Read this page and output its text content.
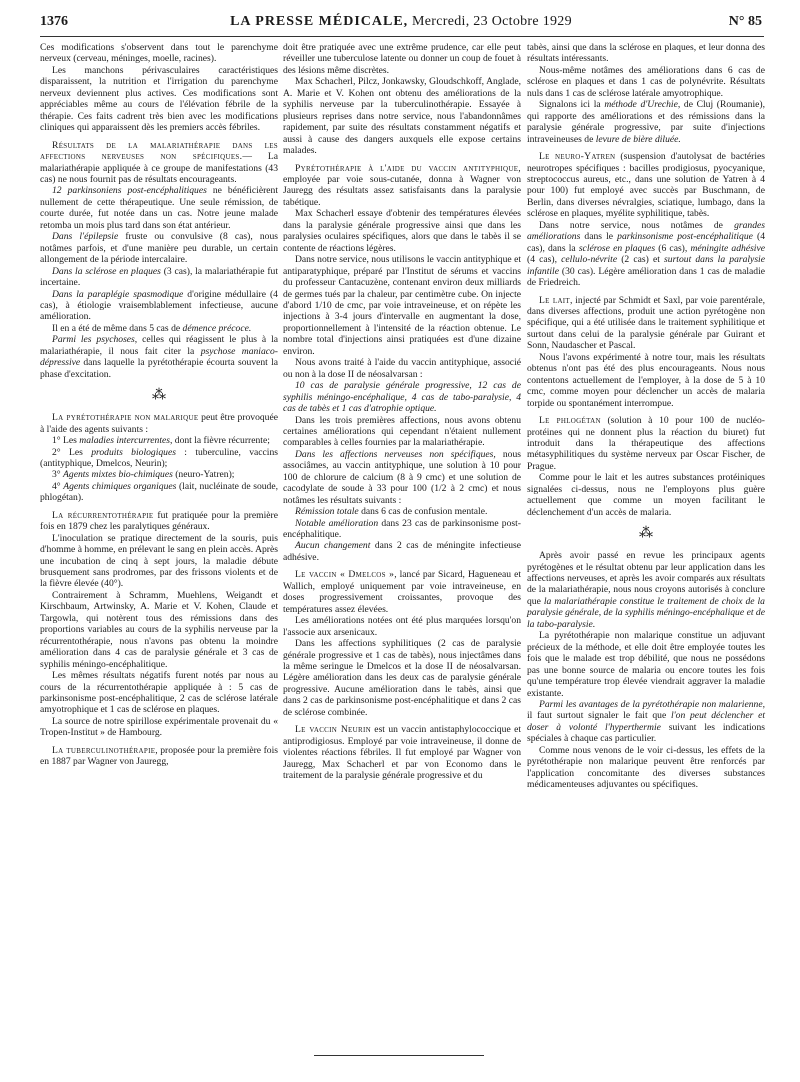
1376	LA PRESSE MÉDICALE, Mercredi, 23 Octobre 1929	N° 85

Ces modifications s'observent dans tout le parenchyme nerveux (cerveau, méninges, moelle, racines).

Les manchons périvasculaires caractéristiques disparaissent, la nutrition et l'irrigation du parenchyme nerveux deviennent plus actives. Ces modifications sont appréciables même au cours de l'élévation fébrile de la thérapie. Ces faits cadrent très bien avec les modifications cliniques qui apparaissent dès les premiers accès fébriles.

Résultats de la malariathérapie dans les affections nerveuses non spécifiques.— La malariathérapie appliquée à ce groupe de manifestations (43 cas) ne nous fournit pas de résultats encourageants.

12 parkinsoniens post-encéphalitiques ne bénéficièrent nullement de cette thérapeutique. Une seule rémission, de courte durée, fut notée dans un cas. Notre jeune malade retomba un mois plus tard dans son état antérieur.

Dans l'épilepsie fruste ou convulsive (8 cas), nous notâmes parfois, et d'une manière peu durable, un certain allongement de la période intercalaire.

Dans la sclérose en plaques (3 cas), la malariathérapie fut incertaine.

Dans la paraplégie spasmodique d'origine médullaire (4 cas), à étiologie vraisemblablement infectieuse, aucune amélioration.

Il en a été de même dans 5 cas de démence précoce.

Parmi les psychoses, celles qui réagissent le plus à la malariathérapie, il nous fait citer la psychose maniaco-dépressive dans laquelle la pyrétothérapie écourta souvent la phase d'excitation.

⁂

La pyrétothérapie non malarique peut être provoquée à l'aide des agents suivants :

1° Les maladies intercurrentes, dont la fièvre récurrente;

2° Les produits biologiques : tuberculine, vaccins (antityphique, Dmelcos, Neurin);

3° Agents mixtes bio-chimiques (neuro-Yatren);

4° Agents chimiques organiques (lait, nucléinate de soude, phlogétan).

La récurrentothérapie fut pratiquée pour la première fois en 1879 chez les paralytiques généraux.

L'inoculation se pratique directement de la souris, puis d'homme à homme, en prélevant le sang en plein accès. Après une incubation de cinq à sept jours, la maladie débute brusquement sans prodromes, par des frissons violents et de la fièvre élevée (40°).

Contrairement à Schramm, Muehlens, Weigandt et Kirschbaum, Artwinsky, A. Marie et V. Kohen, Claude et Targowla, qui notèrent tous des rémissions dans des proportions variables au cours de la syphilis nerveuse par la récurrentothérapie, nous n'avons pas obtenu la moindre amélioration dans 4 cas de paralysie générale et 3 cas de syphilis méningo-encéphalitique.

Les mêmes résultats négatifs furent notés par nous au cours de la récurrentothérapie appliquée à : 5 cas de parkinsonisme post-encéphalitique, 2 cas de sclérose latérale amyotrophique et 1 cas de sclérose en plaques.

La source de notre spirillose expérimentale provenait du « Tropen-Institut » de Hambourg.

La tuberculinothérapie, proposée pour la première fois en 1887 par Wagner von Jauregg,

doit être pratiquée avec une extrême prudence, car elle peut réveiller une tuberculose latente ou donner un coup de fouet à des lésions même discrètes.

Max Schacherl, Pilcz, Jonkawsky, Gloudschkoff, Anglade, A. Marie et V. Kohen ont obtenu des améliorations de la syphilis nerveuse par la tuberculinothérapie. Essayée à plusieurs reprises dans notre service, nous l'abandonnâmes rapidement, par suite des résultats constamment négatifs et aussi à cause des dangers auxquels elle expose certains malades.

Pyrétothérapie à l'aide du vaccin antityphique, employée par voie sous-cutanée, donna à Wagner von Jauregg des résultats assez satisfaisants dans la paralysie tabétique.

Max Schacherl essaye d'obtenir des températures élevées dans la paralysie générale progressive ainsi que dans les paralysies oculaires spécifiques, alors que dans le tabès il se contente de réactions légères.

Dans notre service, nous utilisons le vaccin antityphique et antiparatyphique, préparé par l'Institut de sérums et vaccins du professeur Cantacuzène, contenant environ deux milliards de germes tués par la chaleur, par centimètre cube. On injecte d'abord 1/10 de cmc, par voie intraveineuse, et on répète les injections à 3-4 jours d'intervalle en augmentant la dose, proportionnellement à l'intensité de la réaction obtenue. Le nombre total d'injections ainsi pratiquées est d'une dizaine environ.

Nous avons traité à l'aide du vaccin antityphique, associé ou non à la dose II de néosalvarsan :

10 cas de paralysie générale progressive, 12 cas de syphilis méningo-encéphalique, 4 cas de tabo-paralysie, 4 cas de tabès et 1 cas d'atrophie optique.

Dans les trois premières affections, nous avons obtenu certaines améliorations qui cependant n'étaient nullement comparables à celles fournies par la malariathérapie.

Dans les affections nerveuses non spécifiques, nous associâmes, au vaccin antityphique, une solution à 10 pour 100 de chlorure de calcium (8 à 9 cmc) et une solution de cacodylate de soude à 33 pour 100 (1/2 à 2 cmc) et nous notâmes les résultats suivants :

Rémission totale dans 6 cas de confusion mentale.

Notable amélioration dans 23 cas de parkinsonisme post-encéphalitique.

Aucun changement dans 2 cas de méningite infectieuse adhésive.

Le vaccin « Dmelcos », lancé par Sicard, Hagueneau et Wallich, employé uniquement par voie intraveineuse, en doses progressivement croissantes, provoque des températures assez élevées.

Les améliorations notées ont été plus marquées lorsqu'on l'associe aux arsenicaux.

Dans les affections syphilitiques (2 cas de paralysie générale progressive et 1 cas de tabès), nous injectâmes dans la même seringue le Dmelcos et la dose II de néosalvarsan. Légère amélioration dans les deux cas de paralysie générale progressive. Aucune amélioration dans le tabès, ainsi que dans 2 cas de parkinsonisme post-encéphalitique et dans 2 cas de sclérose combinée.

Le vaccin Neurin est un vaccin antistaphylococcique et antiprodigiosus. Employé par voie intraveineuse, il donne de violentes réactions fébriles. Il fut employé par Wagner von Jauregg, Max Schacherl et par von Economo dans le traitement de la paralysie générale progressive et du

tabès, ainsi que dans la sclérose en plaques, et leur donna des résultats intéressants.

Nous-même notâmes des améliorations dans 6 cas de sclérose en plaques et dans 1 cas de polynévrite. Résultats nuls dans 1 cas de sclérose latérale amyotrophique.

Signalons ici la méthode d'Urechie, de Cluj (Roumanie), qui rapporte des améliorations et des rémissions dans la paralysie générale progressive, par suite d'injections intraveineuses de levure de bière diluée.

Le neuro-Yatren (suspension d'autolysat de bactéries neurotropes spécifiques : bacilles prodigiosus, pyocyanique, streptococcus aureus, etc., dans une solution de Yatren à 4 pour 100) fut employé avec succès par Buschmann, de Berlin, dans diverses névralgies, sciatique, lumbago, dans la sclérose en plaques, myélite syphilitique, tabès.

Dans notre service, nous notâmes de grandes améliorations dans le parkinsonisme post-encéphalitique (4 cas), dans la sclérose en plaques (6 cas), méningite adhésive (4 cas), cellulo-névrite (2 cas) et surtout dans la paralysie infantile (30 cas). Légère amélioration dans 1 cas de maladie de Friedreich.

Le lait, injecté par Schmidt et Saxl, par voie parentérale, dans diverses affections, produit une action pyrétogène non spécifique, qui a été utilisée dans le traitement syphilitique et surtout dans celui de la paralysie générale par Guirant et Sonn, Naudascher et Pascal.

Nous l'avons expérimenté à notre tour, mais les résultats obtenus n'ont pas été des plus encourageants. Nous nous contentons actuellement de l'employer, à la dose de 5 à 10 cmc, comme moyen pour déclencher un accès de malaria torpide ou spontanément interrompue.

Le phlogétan (solution à 10 pour 100 de nucléo-protéines qui ne donnent plus la réaction du biuret) fut introduit dans la thérapeutique des affections métasyphilitiques du système nerveux par Oscar Fischer, de Prague.

Comme pour le lait et les autres substances protéiniques signalées ci-dessus, nous ne l'employons plus guère actuellement que comme un moyen facilitant le déclenchement d'un accès de malaria.

⁂

Après avoir passé en revue les principaux agents pyrétogènes et le résultat obtenu par leur application dans les affections nerveuses, et après les avoir comparés aux résultats de la malariathérapie, nous nous croyons autorisés à conclure que la malariathérapie constitue le traitement de choix de la paralysie générale, de la syphilis méningo-encéphalique et de la tabo-paralysie.

La pyrétothérapie non malarique constitue un adjuvant précieux de la méthode, et elle doit être employée toutes les fois que le malade est trop débilité, que nous ne possédons pas une bonne source de malaria ou encore toutes les fois qu'une température trop élevée viendrait aggraver la maladie existante.

Parmi les avantages de la pyrétothérapie non malarienne, il faut surtout signaler le fait que l'on peut déclencher et doser à volonté l'hyperthermie suivant les indications spéciales à chaque cas particulier.

Comme nous venons de le voir ci-dessus, les effets de la pyrétothérapie non malarique peuvent être renforcés par l'application concomitante des diverses substances médicamenteuses adjuvantes ou spécifiques.
